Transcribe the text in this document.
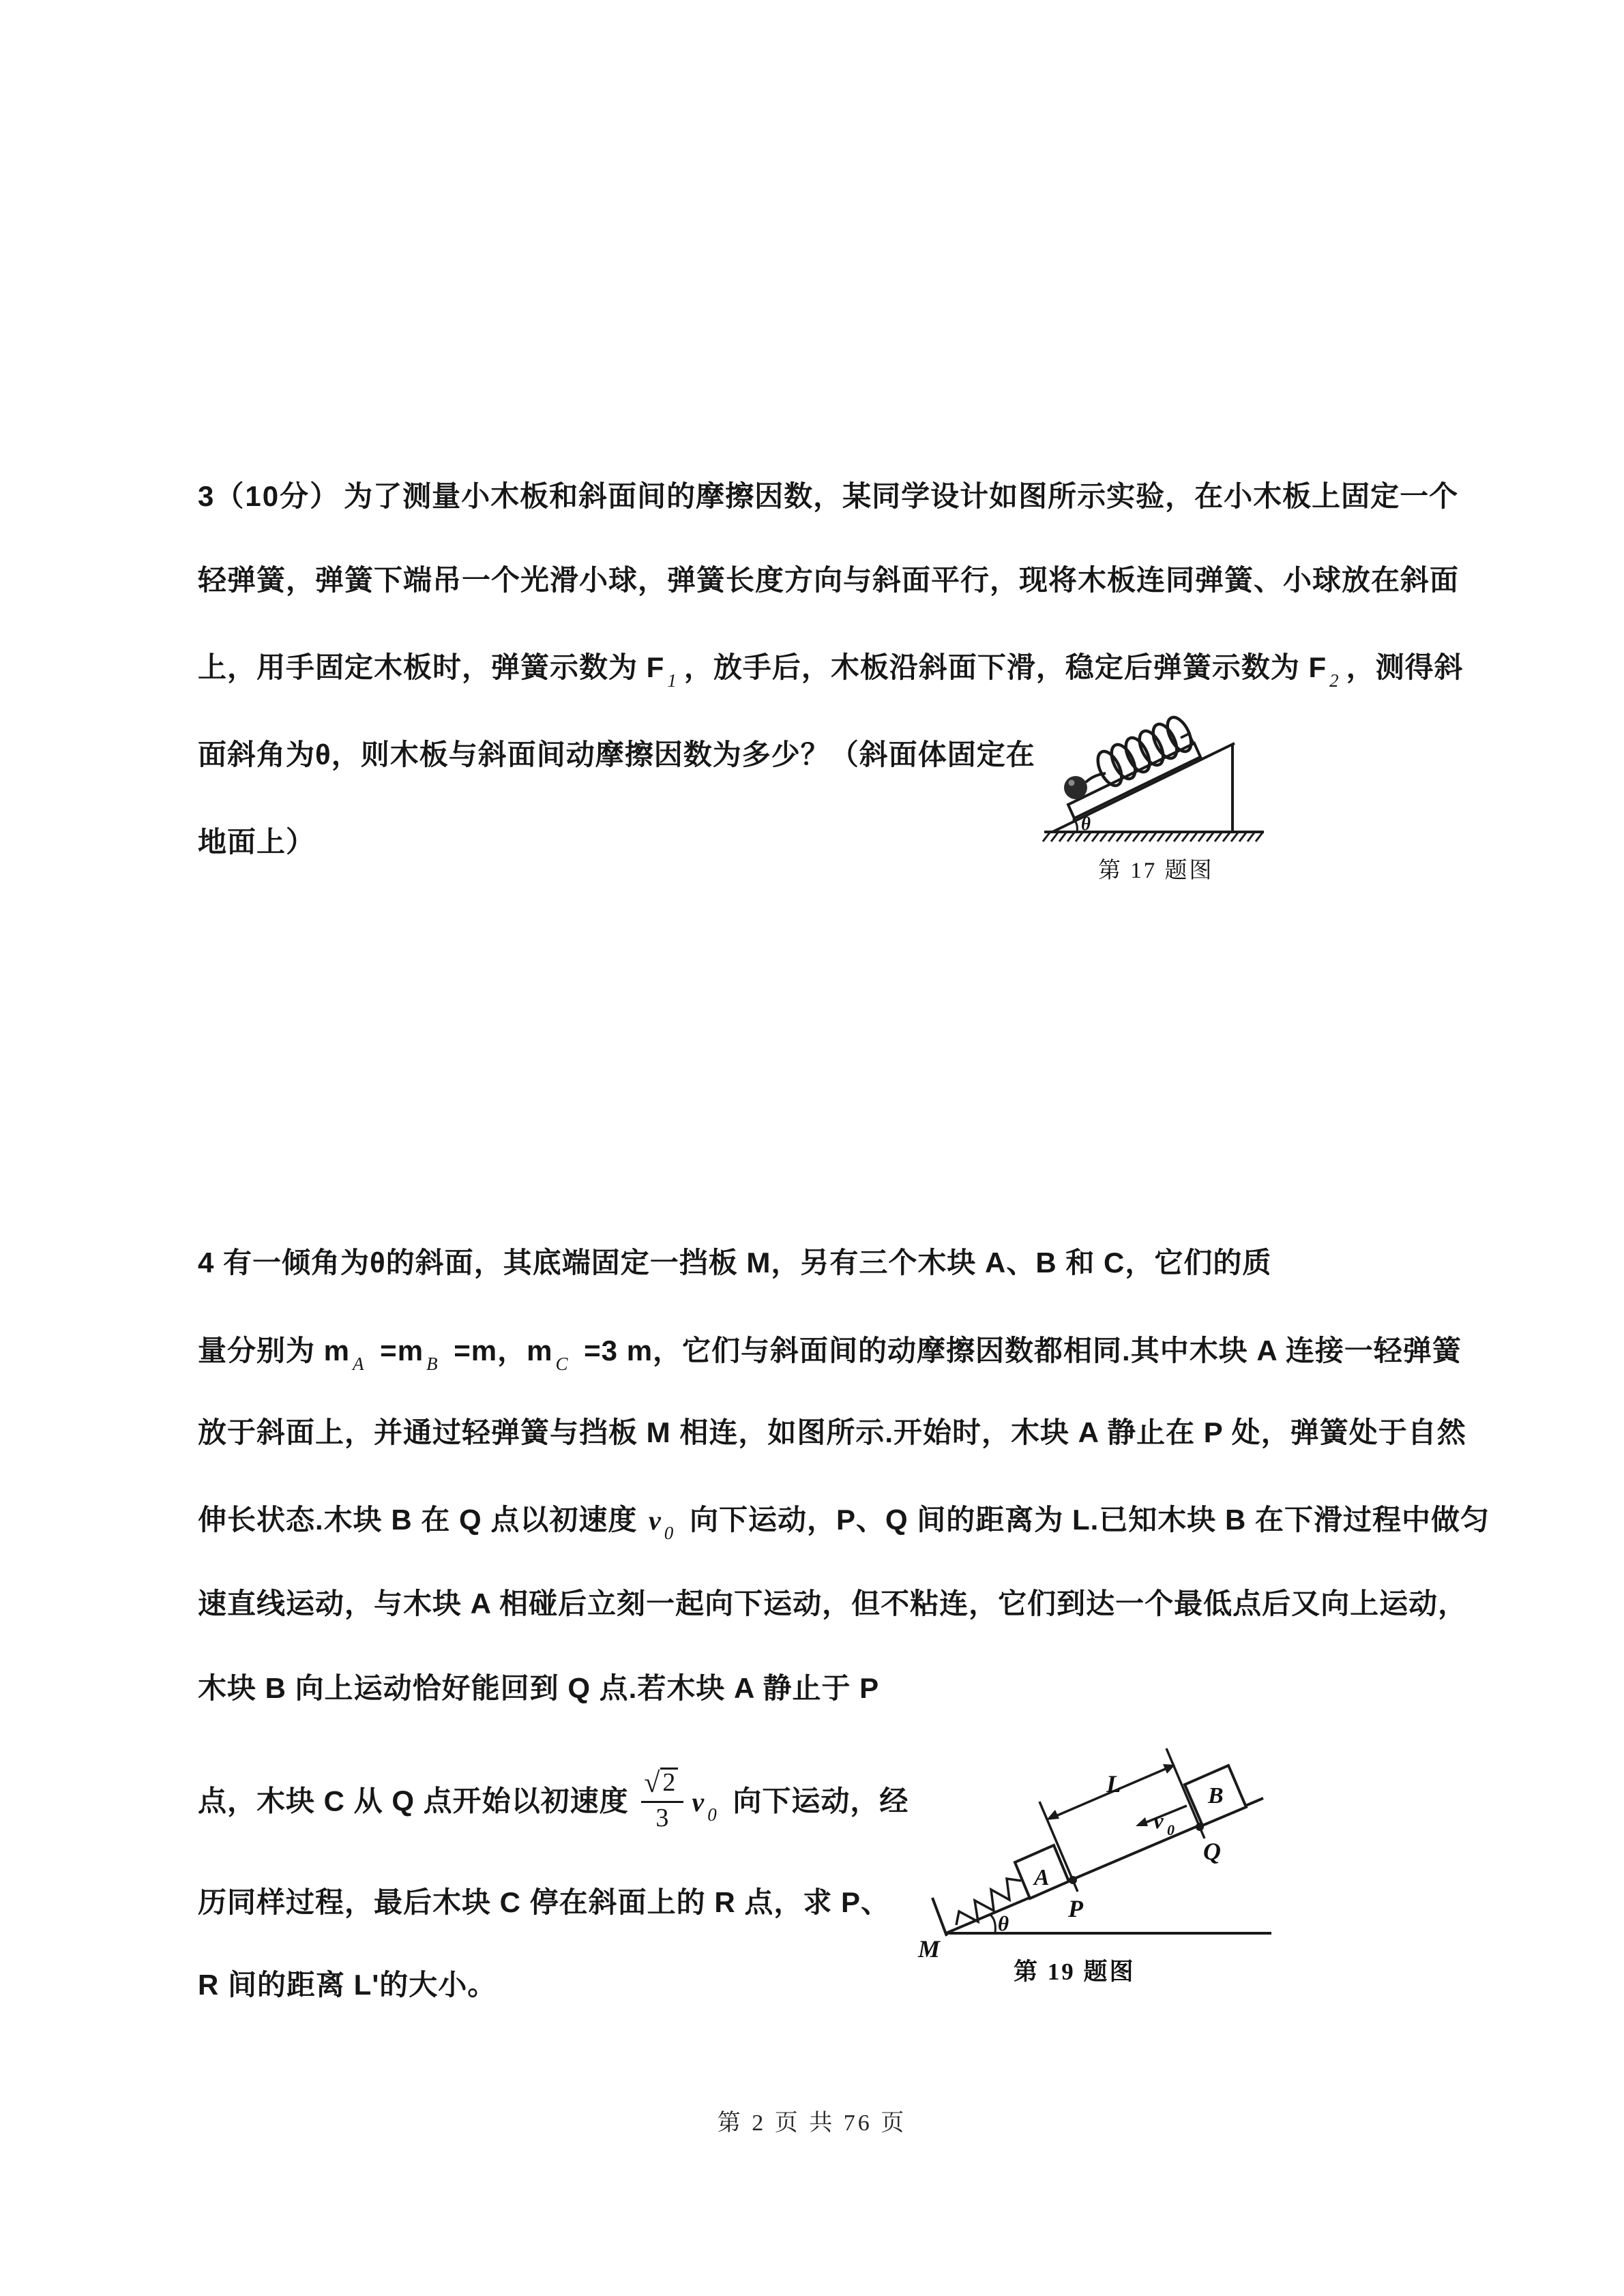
3（10分） 为了测量小木板和斜面间的摩擦因数，某同学设计如图所示实验，在小木板上固定一个
轻弹簧，弹簧下端吊一个光滑小球，弹簧长度方向与斜面平行，现将木板连同弹簧、小球放在斜面
上，用手固定木板时，弹簧示数为 F $_1$ ，放手后，木板沿斜面下滑，稳定后弹簧示数为 F $_2$ ，测得斜
面斜角为θ，则木板与斜面间动摩擦因数为多少？（斜面体固定在
地面上）
θ
第 17 题图
4 有一倾角为θ的斜面，其底端固定一挡板 M，另有三个木块 A、B 和 C，它们的质
量分别为 m $_A$ =m $_B$ =m，m $_C$ =3 m，它们与斜面间的动摩擦因数都相同.其中木块 A 连接一轻弹簧
放于斜面上，并通过轻弹簧与挡板 M 相连，如图所示.开始时，木块 A 静止在 P 处，弹簧处于自然
伸长状态.木块 B 在 Q 点以初速度 v $_0$ 向下运动，P、Q 间的距离为 L.已知木块 B 在下滑过程中做匀
速直线运动，与木块 A 相碰后立刻一起向下运动，但不粘连，它们到达一个最低点后又向上运动，
木块 B 向上运动恰好能回到 Q 点.若木块 A 静止于 P
点，木块 C 从 Q 点开始以初速度 $\frac{√ 2}{3}$ v $_0$ 向下运动，经
历同样过程，最后木块 C 停在斜面上的 R 点，求 P、
R 间的距离 L'的大小。
M
θ
A
B
P
Q
L
v 0
第 19 题图
第 2 页 共 76 页
